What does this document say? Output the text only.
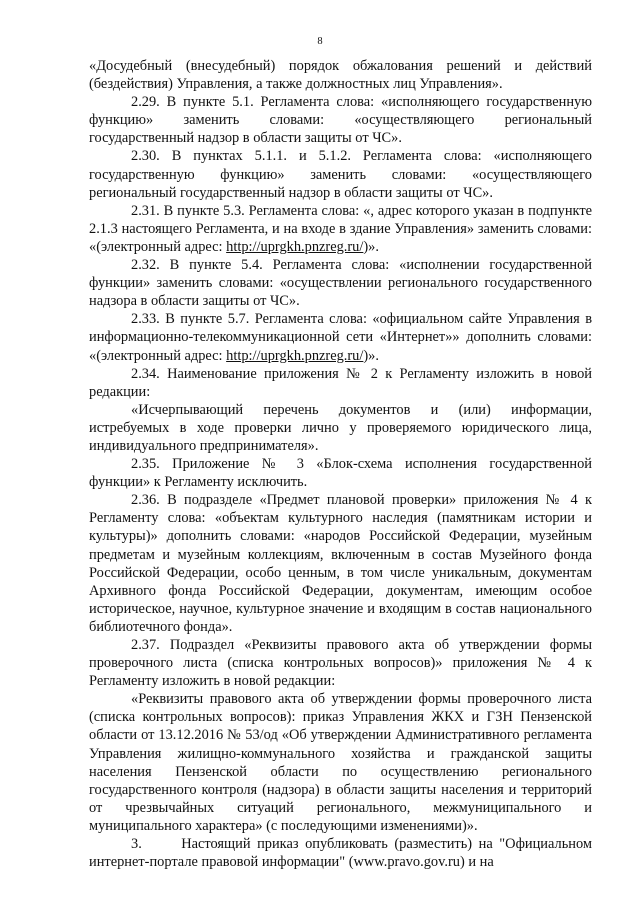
8

«Досудебный (внесудебный) порядок обжалования решений и действий (бездействия) Управления, а также должностных лиц Управления».

2.29. В пункте 5.1. Регламента слова: «исполняющего государственную функцию» заменить словами: «осуществляющего региональный государственный надзор в области защиты от ЧС».

2.30. В пунктах 5.1.1. и 5.1.2. Регламента слова: «исполняющего государственную функцию» заменить словами: «осуществляющего региональный государственный надзор в области защиты от ЧС».

2.31. В пункте 5.3. Регламента слова: «, адрес которого указан в подпункте 2.1.3 настоящего Регламента, и на входе в здание Управления» заменить словами: «(электронный адрес: http://uprgkh.pnzreg.ru/)».

2.32. В пункте 5.4. Регламента слова: «исполнении государственной функции» заменить словами: «осуществлении регионального государственного надзора в области защиты от ЧС».

2.33. В пункте 5.7. Регламента слова: «официальном сайте Управления в информационно-телекоммуникационной сети «Интернет»» дополнить словами: «(электронный адрес: http://uprgkh.pnzreg.ru/)».

2.34. Наименование приложения № 2 к Регламенту изложить в новой редакции:

«Исчерпывающий перечень документов и (или) информации, истребуемых в ходе проверки лично у проверяемого юридического лица, индивидуального предпринимателя».

2.35. Приложение № 3 «Блок-схема исполнения государственной функции» к Регламенту исключить.

2.36. В подразделе «Предмет плановой проверки» приложения № 4 к Регламенту слова: «объектам культурного наследия (памятникам истории и культуры)» дополнить словами: «народов Российской Федерации, музейным предметам и музейным коллекциям, включенным в состав Музейного фонда Российской Федерации, особо ценным, в том числе уникальным, документам Архивного фонда Российской Федерации, документам, имеющим особое историческое, научное, культурное значение и входящим в состав национального библиотечного фонда».

2.37. Подраздел «Реквизиты правового акта об утверждении формы проверочного листа (списка контрольных вопросов)» приложения № 4 к Регламенту изложить в новой редакции:

«Реквизиты правового акта об утверждении формы проверочного листа (списка контрольных вопросов): приказ Управления ЖКХ и ГЗН Пензенской области от 13.12.2016 № 53/од «Об утверждении Административного регламента Управления жилищно-коммунального хозяйства и гражданской защиты населения Пензенской области по осуществлению регионального государственного контроля (надзора) в области защиты населения и территорий от чрезвычайных ситуаций регионального, межмуниципального и муниципального характера» (с последующими изменениями)».

3.      Настоящий приказ опубликовать (разместить) на "Официальном интернет-портале правовой информации" (www.pravo.gov.ru) и на
